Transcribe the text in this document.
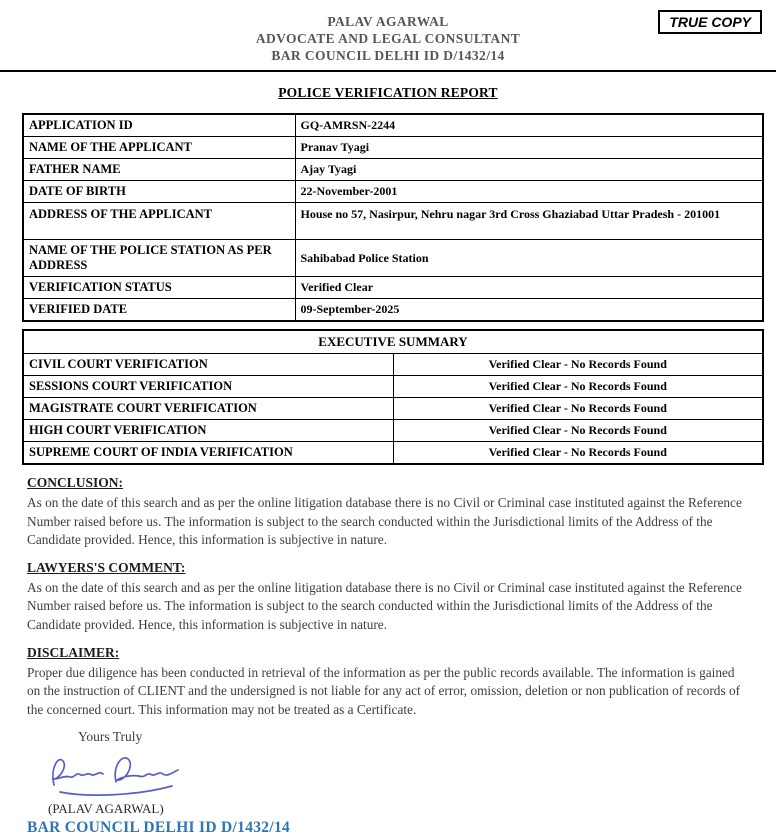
PALAV AGARWAL
ADVOCATE AND LEGAL CONSULTANT
BAR COUNCIL DELHI ID D/1432/14
TRUE COPY
POLICE VERIFICATION REPORT
APPLICATION ID	GQ-AMRSN-2244
NAME OF THE APPLICANT	Pranav Tyagi
FATHER NAME	Ajay Tyagi
DATE OF BIRTH	22-November-2001
ADDRESS OF THE APPLICANT	House no 57, Nasirpur, Nehru nagar 3rd Cross Ghaziabad Uttar Pradesh - 201001
NAME OF THE POLICE STATION AS PER ADDRESS	Sahibabad Police Station
VERIFICATION STATUS	Verified Clear
VERIFIED DATE	09-September-2025
EXECUTIVE SUMMARY	
CIVIL COURT VERIFICATION	Verified Clear - No Records Found
SESSIONS COURT VERIFICATION	Verified Clear - No Records Found
MAGISTRATE COURT VERIFICATION	Verified Clear - No Records Found
HIGH COURT VERIFICATION	Verified Clear - No Records Found
SUPREME COURT OF INDIA VERIFICATION	Verified Clear - No Records Found
CONCLUSION:
As on the date of this search and as per the online litigation database there is no Civil or Criminal case instituted against the Reference Number raised before us. The information is subject to the search conducted within the Jurisdictional limits of the Address of the Candidate provided. Hence, this information is subjective in nature.
LAWYERS'S COMMENT:
As on the date of this search and as per the online litigation database there is no Civil or Criminal case instituted against the Reference Number raised before us. The information is subject to the search conducted within the Jurisdictional limits of the Address of the Candidate provided. Hence, this information is subjective in nature.
DISCLAIMER:
Proper due diligence has been conducted in retrieval of the information as per the public records available. The information is gained on the instruction of CLIENT and the undersigned is not liable for any act of error, omission, deletion or non publication of records of the concerned court. This information may not be treated as a Certificate.
Yours Truly
(PALAV AGARWAL)
BAR COUNCIL DELHI ID D/1432/14
